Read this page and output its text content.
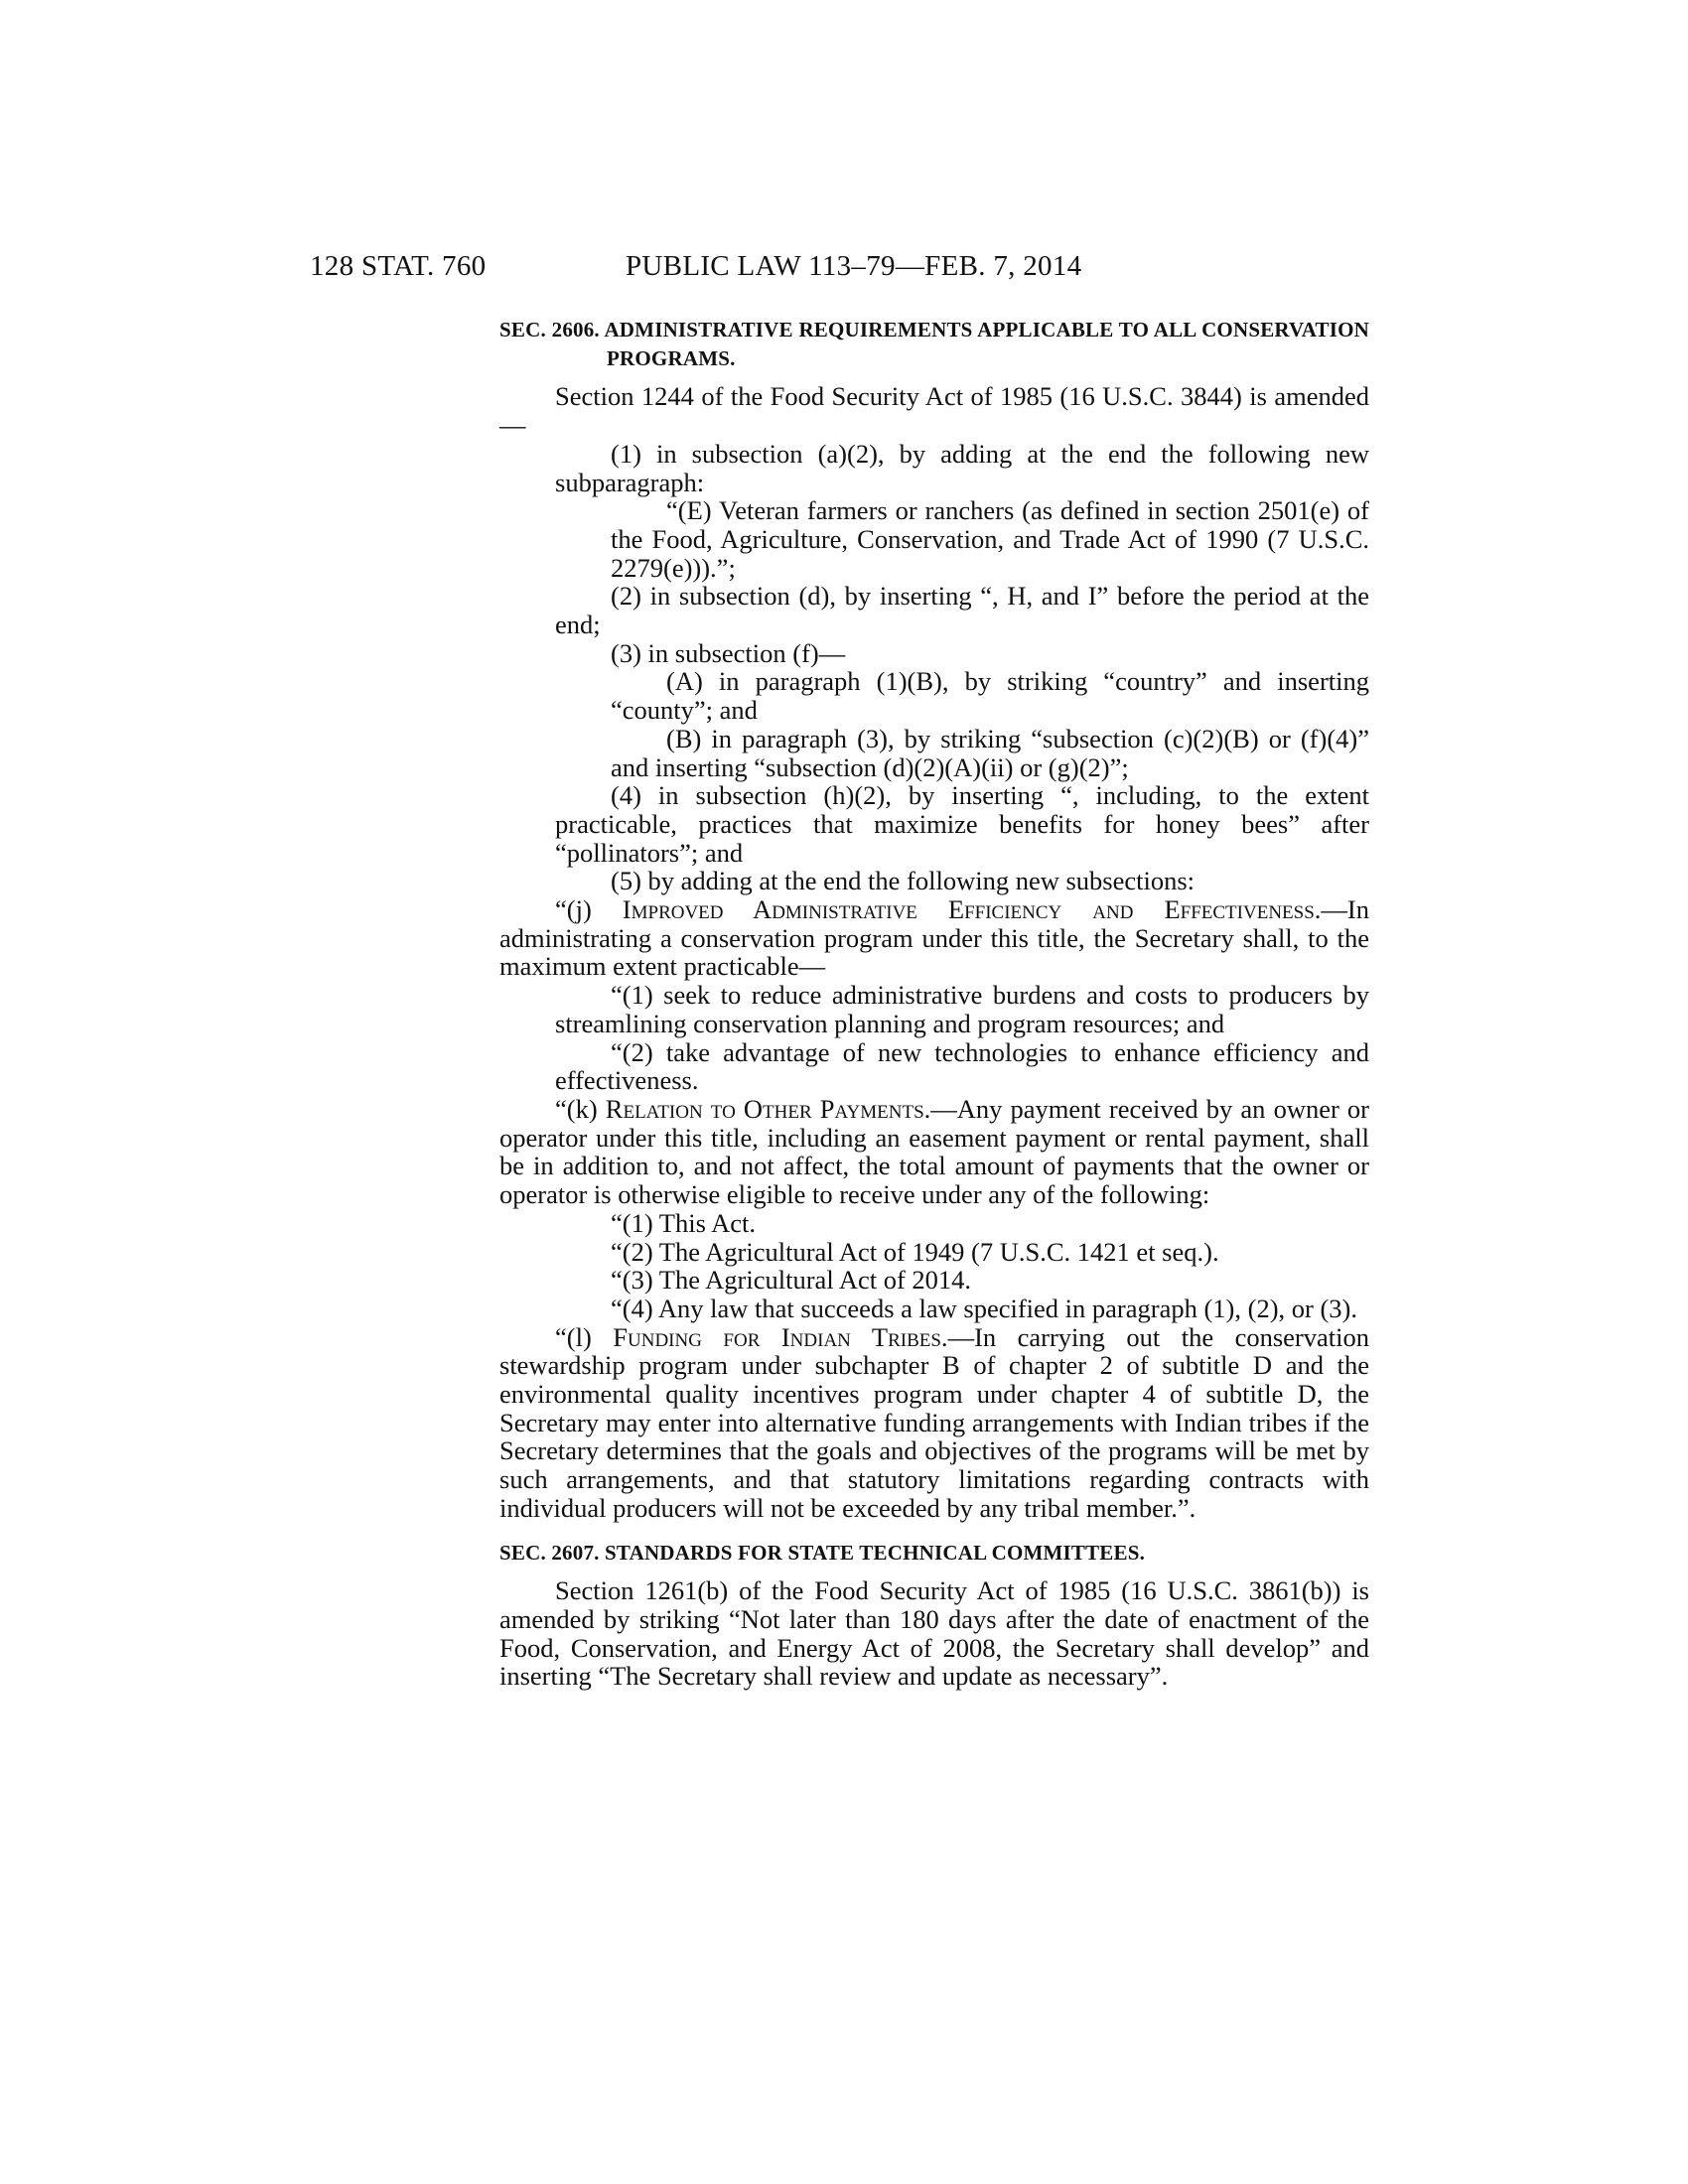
128 STAT. 760	PUBLIC LAW 113–79—FEB. 7, 2014

SEC. 2606. ADMINISTRATIVE REQUIREMENTS APPLICABLE TO ALL CONSERVATION PROGRAMS.

Section 1244 of the Food Security Act of 1985 (16 U.S.C. 3844) is amended—

(1) in subsection (a)(2), by adding at the end the following new subparagraph:

“(E) Veteran farmers or ranchers (as defined in section 2501(e) of the Food, Agriculture, Conservation, and Trade Act of 1990 (7 U.S.C. 2279(e))).”;

(2) in subsection (d), by inserting “, H, and I” before the period at the end;

(3) in subsection (f)—

(A) in paragraph (1)(B), by striking “country” and inserting “county”; and

(B) in paragraph (3), by striking “subsection (c)(2)(B) or (f)(4)” and inserting “subsection (d)(2)(A)(ii) or (g)(2)”;

(4) in subsection (h)(2), by inserting “, including, to the extent practicable, practices that maximize benefits for honey bees” after “pollinators”; and

(5) by adding at the end the following new subsections:

“(j) Improved Administrative Efficiency and Effectiveness.—In administrating a conservation program under this title, the Secretary shall, to the maximum extent practicable—

“(1) seek to reduce administrative burdens and costs to producers by streamlining conservation planning and program resources; and

“(2) take advantage of new technologies to enhance efficiency and effectiveness.

“(k) Relation to Other Payments.—Any payment received by an owner or operator under this title, including an easement payment or rental payment, shall be in addition to, and not affect, the total amount of payments that the owner or operator is otherwise eligible to receive under any of the following:

“(1) This Act.

“(2) The Agricultural Act of 1949 (7 U.S.C. 1421 et seq.).

“(3) The Agricultural Act of 2014.

“(4) Any law that succeeds a law specified in paragraph (1), (2), or (3).

“(l) Funding for Indian Tribes.—In carrying out the conservation stewardship program under subchapter B of chapter 2 of subtitle D and the environmental quality incentives program under chapter 4 of subtitle D, the Secretary may enter into alternative funding arrangements with Indian tribes if the Secretary determines that the goals and objectives of the programs will be met by such arrangements, and that statutory limitations regarding contracts with individual producers will not be exceeded by any tribal member.”.

SEC. 2607. STANDARDS FOR STATE TECHNICAL COMMITTEES.

Section 1261(b) of the Food Security Act of 1985 (16 U.S.C. 3861(b)) is amended by striking “Not later than 180 days after the date of enactment of the Food, Conservation, and Energy Act of 2008, the Secretary shall develop” and inserting “The Secretary shall review and update as necessary”.
